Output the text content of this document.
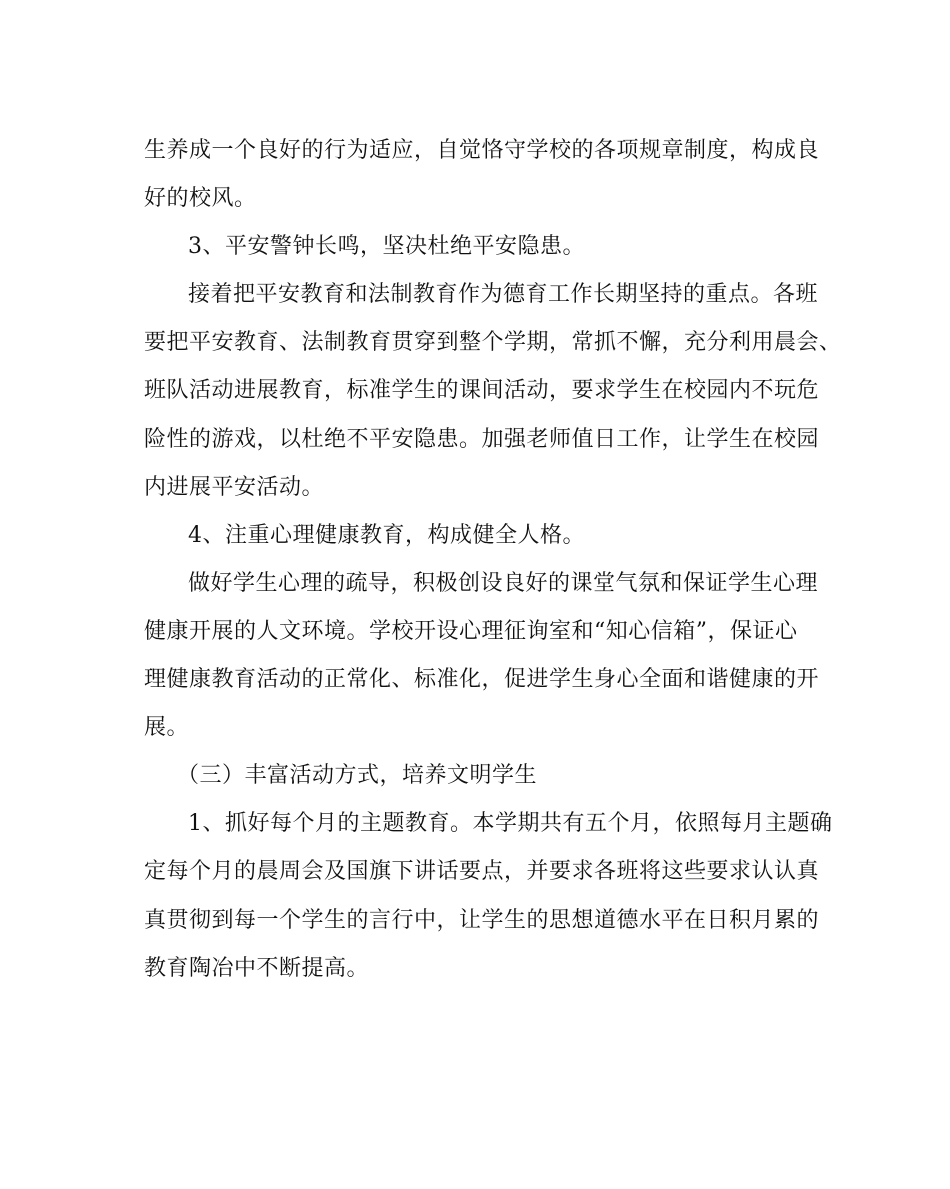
生养成一个良好的行为适应，自觉恪守学校的各项规章制度，构成良
好的校风。
3、平安警钟长鸣，坚决杜绝平安隐患。
接着把平安教育和法制教育作为德育工作长期坚持的重点。各班
要把平安教育、法制教育贯穿到整个学期，常抓不懈，充分利用晨会、
班队活动进展教育，标准学生的课间活动，要求学生在校园内不玩危
险性的游戏，以杜绝不平安隐患。加强老师值日工作，让学生在校园
内进展平安活动。
4、注重心理健康教育，构成健全人格。
做好学生心理的疏导，积极创设良好的课堂气氛和保证学生心理
健康开展的人文环境。学校开设心理征询室和“知心信箱”，保证心
理健康教育活动的正常化、标准化，促进学生身心全面和谐健康的开
展。
（三）丰富活动方式，培养文明学生
1、抓好每个月的主题教育。本学期共有五个月，依照每月主题确
定每个月的晨周会及国旗下讲话要点，并要求各班将这些要求认认真
真贯彻到每一个学生的言行中，让学生的思想道德水平在日积月累的
教育陶冶中不断提高。
